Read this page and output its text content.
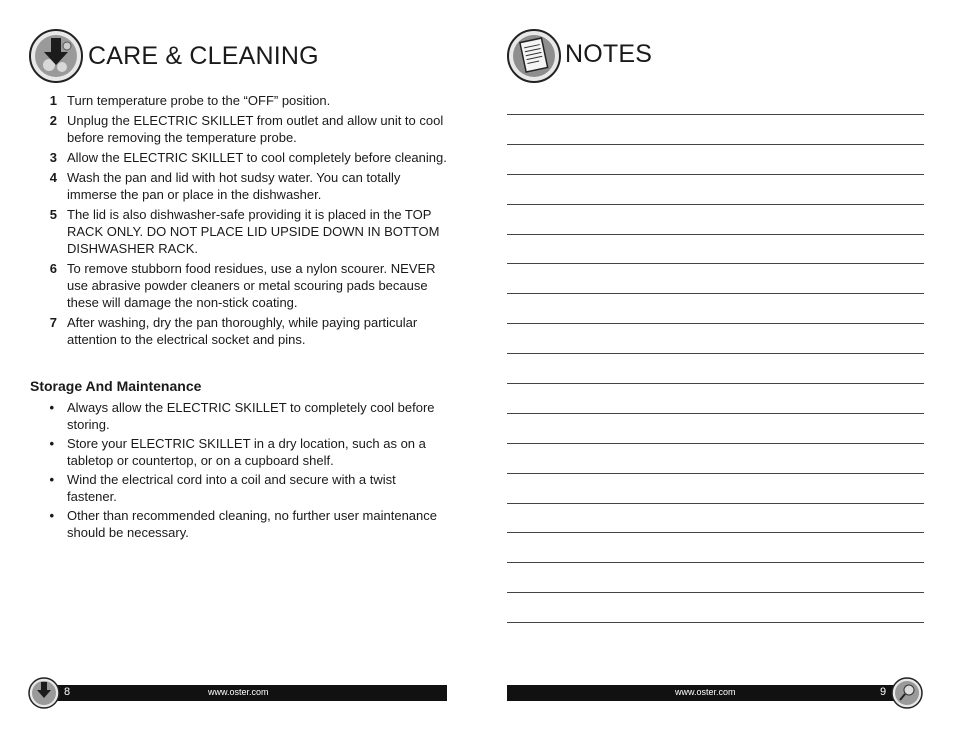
CARE & CLEANING
1 Turn temperature probe to the “OFF” position.
2 Unplug the ELECTRIC SKILLET from outlet and allow unit to cool before removing the temperature probe.
3 Allow the ELECTRIC SKILLET to cool completely before cleaning.
4 Wash the pan and lid with hot sudsy water. You can totally immerse the pan or place in the dishwasher.
5 The lid is also dishwasher-safe providing it is placed in the TOP RACK ONLY. DO NOT PLACE LID UPSIDE DOWN IN BOTTOM DISHWASHER RACK.
6 To remove stubborn food residues, use a nylon scourer. NEVER use abrasive powder cleaners or metal scouring pads because these will damage the non-stick coating.
7 After washing, dry the pan thoroughly, while paying particular attention to the electrical socket and pins.
Storage And Maintenance
•	Always allow the ELECTRIC SKILLET to completely cool before storing.
•	Store your ELECTRIC SKILLET in a dry location, such as on a tabletop or countertop, or on a cupboard shelf.
•	Wind the electrical cord into a coil and secure with a twist fastener.
•	Other than recommended cleaning, no further user maintenance should be necessary.
8	www.oster.com
NOTES
www.oster.com	9
